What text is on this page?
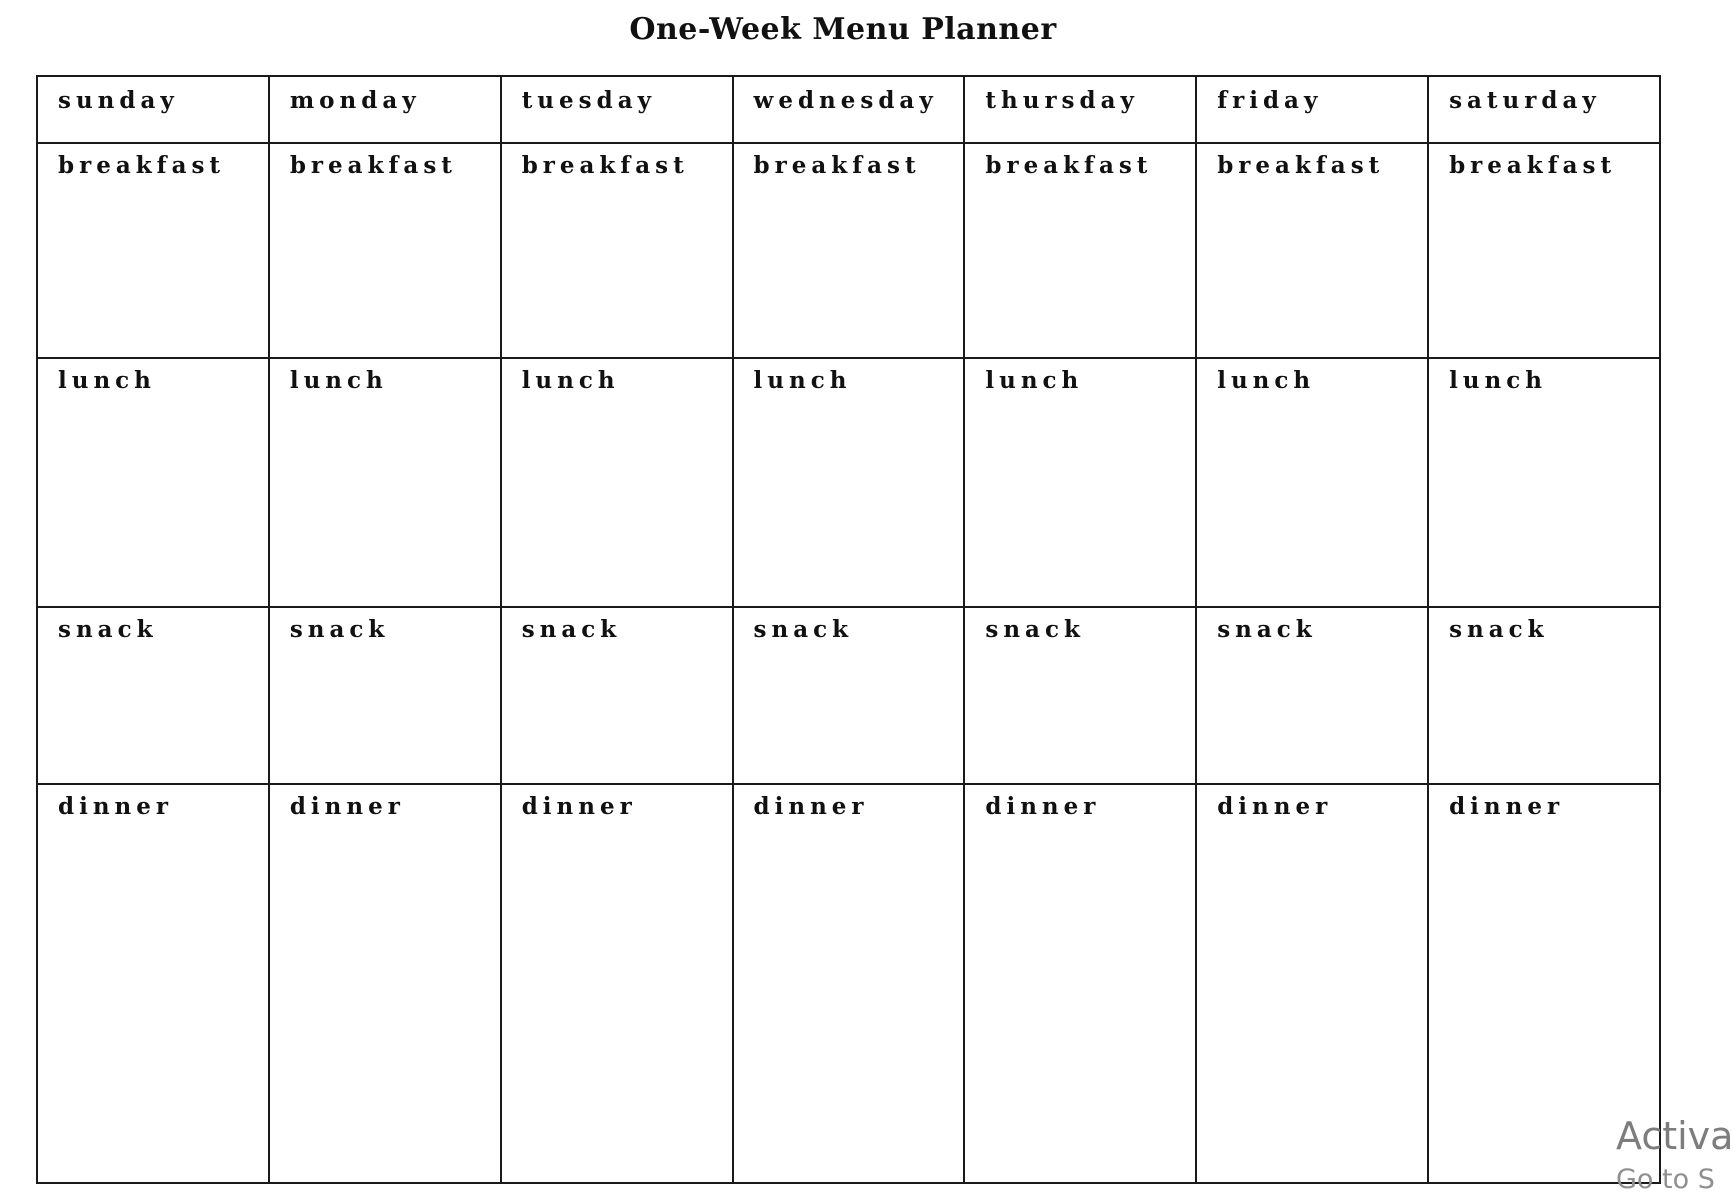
One-Week Menu Planner
sunday	monday	tuesday	wednesday	thursday	friday	saturday
breakfast	breakfast	breakfast	breakfast	breakfast	breakfast	breakfast
lunch	lunch	lunch	lunch	lunch	lunch	lunch
snack	snack	snack	snack	snack	snack	snack
dinner	dinner	dinner	dinner	dinner	dinner	dinner
Activa
Go to S
